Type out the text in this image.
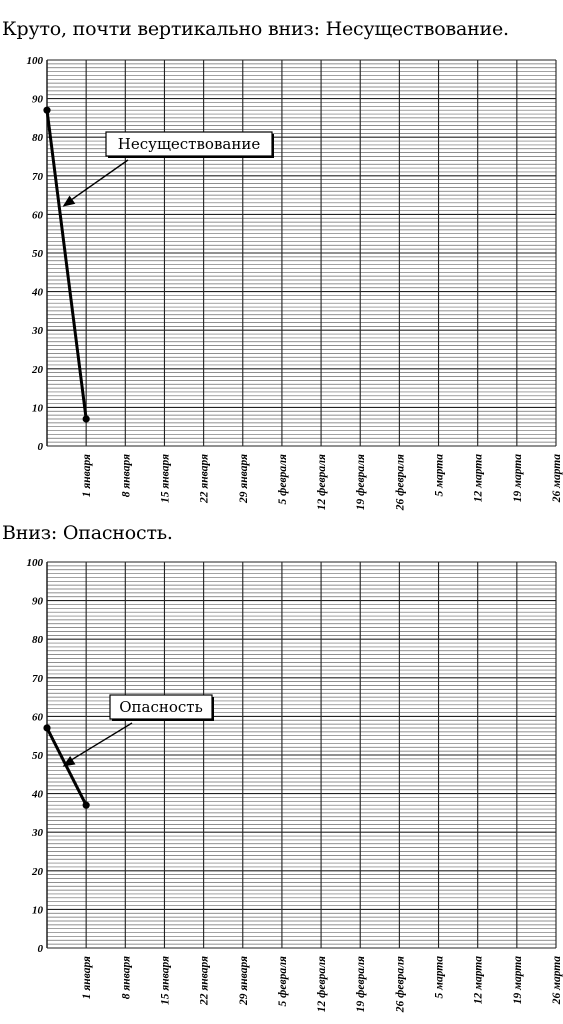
Круто, почти вертикально вниз: Несуществование.
0
10
20
30
40
50
60
70
80
90
100
1 января 8 января 15 января 22 января 29 января 5 февраля 12 февраля 19 февраля 26 февраля 5 марта 12 марта 19 марта 26 марта
Несуществование
Вниз: Опасность.
0
10
20
30
40
50
60
70
80
90
100
1 января 8 января 15 января 22 января 29 января 5 февраля 12 февраля 19 февраля 26 февраля 5 марта 12 марта 19 марта 26 марта
Опасность
